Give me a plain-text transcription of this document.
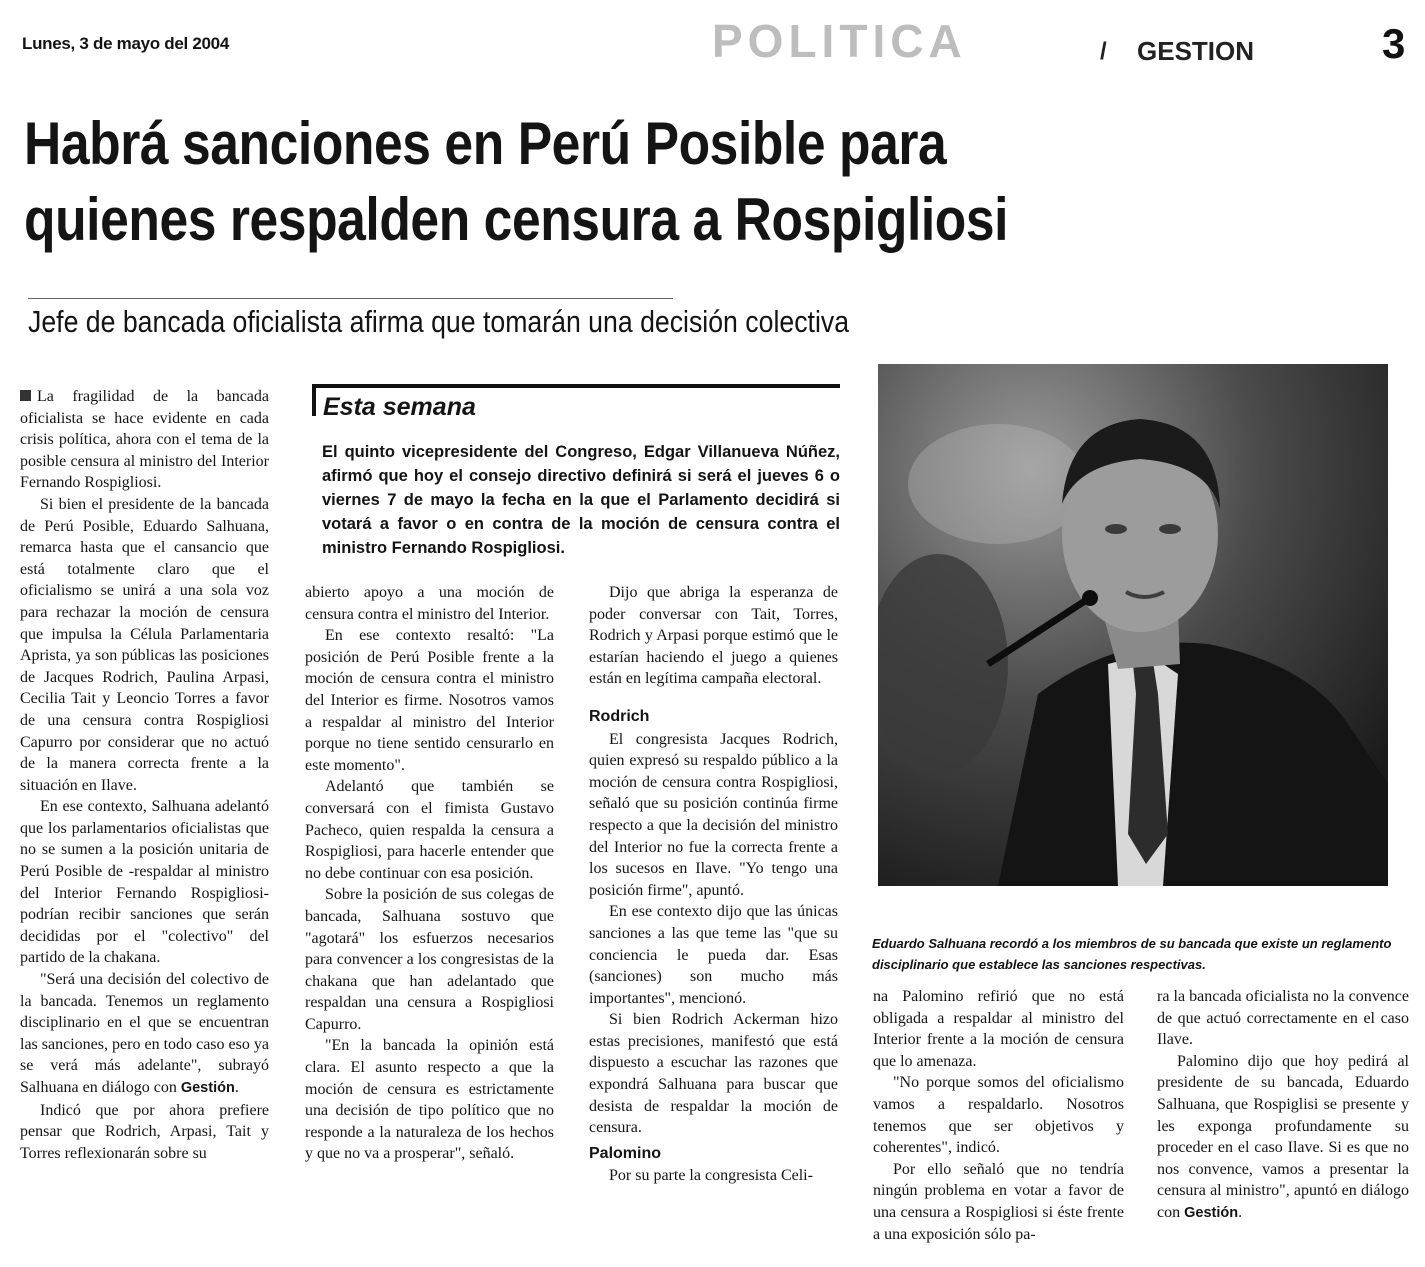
Lunes, 3 de mayo del 2004	POLITICA	/ GESTION	3
Habrá sanciones en Perú Posible para
quienes respalden censura a Rospigliosi
Jefe de bancada oficialista afirma que tomarán una decisión colectiva

La fragilidad de la bancada oficialista se hace evidente en cada crisis política, ahora con el tema de la posible censura al ministro del Interior Fernando Rospigliosi.

Si bien el presidente de la bancada de Perú Posible, Eduardo Salhuana, remarca hasta que el cansancio que está totalmente claro que el oficialismo se unirá a una sola voz para rechazar la moción de censura que impulsa la Célula Parlamentaria Aprista, ya son públicas las posiciones de Jacques Rodrich, Paulina Arpasi, Cecilia Tait y Leoncio Torres a favor de una censura contra Rospigliosi Capurro por considerar que no actuó de la manera correcta frente a la situación en Ilave.

En ese contexto, Salhuana adelantó que los parlamentarios oficialistas que no se sumen a la posición unitaria de Perú Posible de -respaldar al ministro del Interior Fernando Rospigliosi- podrían recibir sanciones que serán decididas por el "colectivo" del partido de la chakana.

"Será una decisión del colectivo de la bancada. Tenemos un reglamento disciplinario en el que se encuentran las sanciones, pero en todo caso eso ya se verá más adelante", subrayó Salhuana en diálogo con Gestión.

Indicó que por ahora prefiere pensar que Rodrich, Arpasi, Tait y Torres reflexionarán sobre su

Esta semana
El quinto vicepresidente del Congreso, Edgar Villanueva Núñez, afirmó que hoy el consejo directivo definirá si será el jueves 6 o viernes 7 de mayo la fecha en la que el Parlamento decidirá si votará a favor o en contra de la moción de censura contra el ministro Fernando Rospigliosi.

abierto apoyo a una moción de censura contra el ministro del Interior.

En ese contexto resaltó: "La posición de Perú Posible frente a la moción de censura contra el ministro del Interior es firme. Nosotros vamos a respaldar al ministro del Interior porque no tiene sentido censurarlo en este momento".

Adelantó que también se conversará con el fimista Gustavo Pacheco, quien respalda la censura a Rospigliosi, para hacerle entender que no debe continuar con esa posición.

Sobre la posición de sus colegas de bancada, Salhuana sostuvo que "agotará" los esfuerzos necesarios para convencer a los congresistas de la chakana que han adelantado que respaldan una censura a Rospigliosi Capurro.

"En la bancada la opinión está clara. El asunto respecto a que la moción de censura es estrictamente una decisión de tipo político que no responde a la naturaleza de los hechos y que no va a prosperar", señaló.

Dijo que abriga la esperanza de poder conversar con Tait, Torres, Rodrich y Arpasi porque estimó que le estarían haciendo el juego a quienes están en legítima campaña electoral.

Rodrich

El congresista Jacques Rodrich, quien expresó su respaldo público a la moción de censura contra Rospigliosi, señaló que su posición continúa firme respecto a que la decisión del ministro del Interior no fue la correcta frente a los sucesos en Ilave. "Yo tengo una posición firme", apuntó.

En ese contexto dijo que las únicas sanciones a las que teme las "que su conciencia le pueda dar. Esas (sanciones) son mucho más importantes", mencionó.

Si bien Rodrich Ackerman hizo estas precisiones, manifestó que está dispuesto a escuchar las razones que expondrá Salhuana para buscar que desista de respaldar la moción de censura.

Palomino

Por su parte la congresista Celi-

Eduardo Salhuana recordó a los miembros de su bancada que existe un reglamento disciplinario que establece las sanciones respectivas.

na Palomino refirió que no está obligada a respaldar al ministro del Interior frente a la moción de censura que lo amenaza.

"No porque somos del oficialismo vamos a respaldarlo. Nosotros tenemos que ser objetivos y coherentes", indicó.

Por ello señaló que no tendría ningún problema en votar a favor de una censura a Rospigliosi si éste frente a una exposición sólo pa-

ra la bancada oficialista no la convence de que actuó correctamente en el caso Ilave.

Palomino dijo que hoy pedirá al presidente de su bancada, Eduardo Salhuana, que Rospiglisi se presente y les exponga profundamente su proceder en el caso Ilave. Si es que no nos convence, vamos a presentar la censura al ministro", apuntó en diálogo con Gestión.
